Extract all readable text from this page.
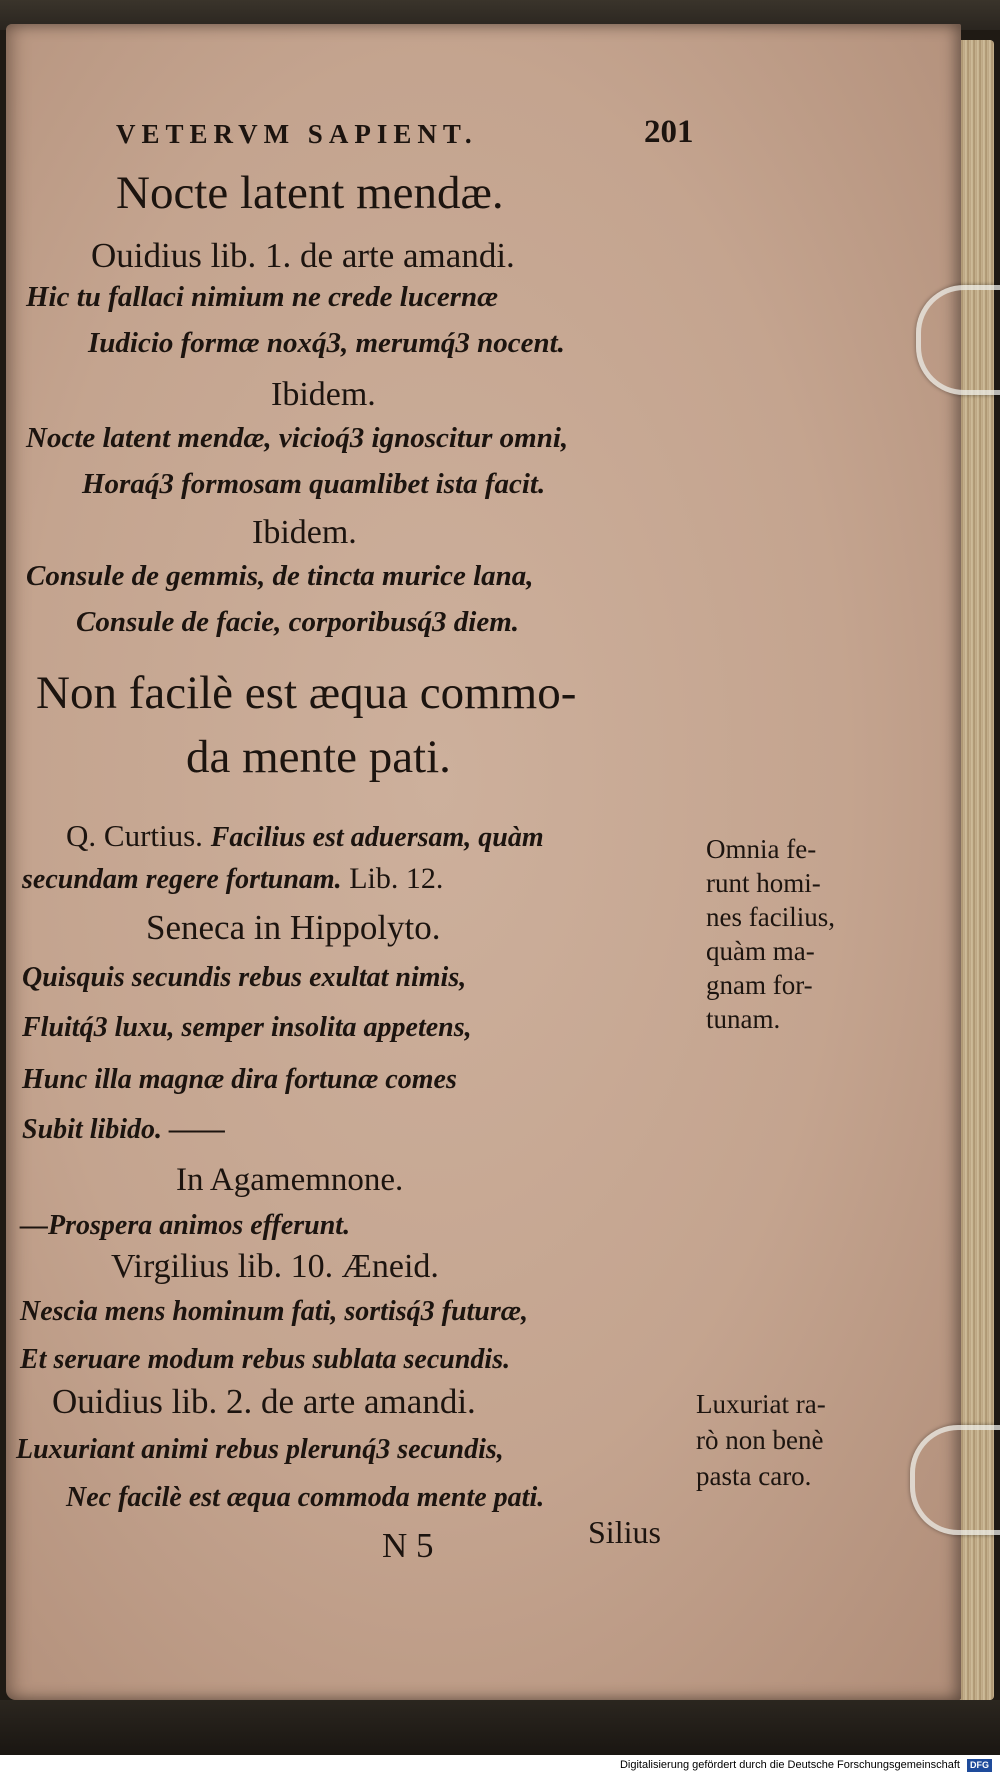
VETERVM SAPIENT.	201
Nocte latent mendæ.
Ouidius lib. 1. de arte amandi.
Hic tu fallaci nimium ne crede lucernæ
Iudicio formæ noxq́3, merumq́3 nocent.
Ibidem.
Nocte latent mendæ, vicioq́3 ignoscitur omni,
Horaq́3 formosam quamlibet ista facit.
Ibidem.
Consule de gemmis, de tincta murice lana,
Consule de facie, corporibusq́3 diem.
Non facilè est æqua commo-
da mente pati.
Q. Curtius. Facilius est aduersam, quàm
secundam regere fortunam. Lib. 12.
Seneca in Hippolyto.
Quisquis secundis rebus exultat nimis,
Fluitq́3 luxu, semper insolita appetens,
Hunc illa magnæ dira fortunæ comes
Subit libido. ——
In Agamemnone.
—Prospera animos efferunt.
Virgilius lib. 10. Æneid.
Nescia mens hominum fati, sortisq́3 futuræ,
Et seruare modum rebus sublata secundis.
Ouidius lib. 2. de arte amandi.
Luxuriant animi rebus plerunq́3 secundis,
Nec facilè est æqua commoda mente pati.
N 5	Silius
Omnia fe-
runt homi-
nes facilius,
quàm ma-
gnam for-
tunam.
Luxuriat ra-
rò non benè
pasta caro.
Digitalisierung gefördert durch die Deutsche Forschungsgemeinschaft DFG
